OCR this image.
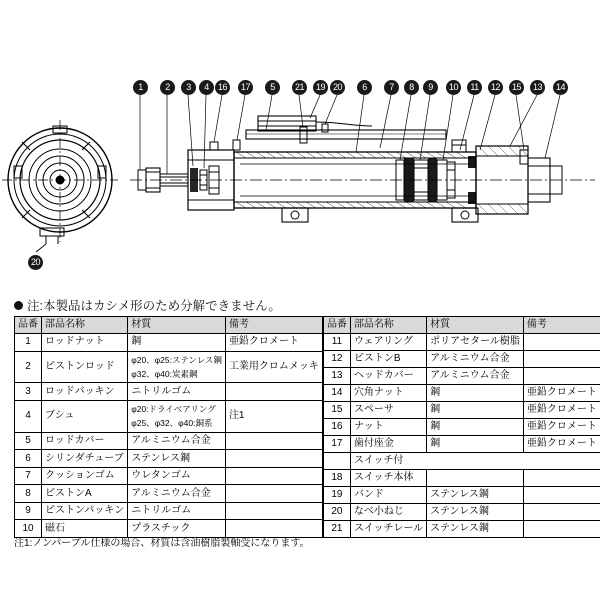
1	2	3	4	16	17	5	21	19 20	6	7	8	9	10	11	12	15	13	14
20
注:本製品はカシメ形のため分解できません。
品番	部品名称	材質	備考
1	ロッドナット	鋼	亜鉛クロメート
2	ピストンロッド	φ20、φ25:ステンレス鋼
φ32、φ40:炭素鋼	工業用クロムメッキ
3	ロッドパッキン	ニトリルゴム	
4	ブシュ	φ20:ドライベアリング
φ25、φ32、φ40:銅系	注1
5	ロッドカバー	アルミニウム合金	
6	シリンダチューブ	ステンレス鋼	
7	クッションゴム	ウレタンゴム	
8	ピストンA	アルミニウム合金	
9	ピストンパッキン	ニトリルゴム	
10	磁石	プラスチック	
品番	部品名称	材質	備考
11	ウェアリング	ポリアセタール樹脂	
12	ピストンB	アルミニウム合金	
13	ヘッドカバー	アルミニウム合金	
14	穴角ナット	鋼	亜鉛クロメート
15	スペーサ	鋼	亜鉛クロメート
16	ナット	鋼	亜鉛クロメート
17	歯付座金	鋼	亜鉛クロメート
	スイッチ付		
18	スイッチ本体		
19	バンド	ステンレス鋼	
20	なべ小ねじ	ステンレス鋼	
21	スイッチレール	ステンレス鋼	
注1:ノンパーブル仕様の場合、材質は含油樹脂製軸受になります。
